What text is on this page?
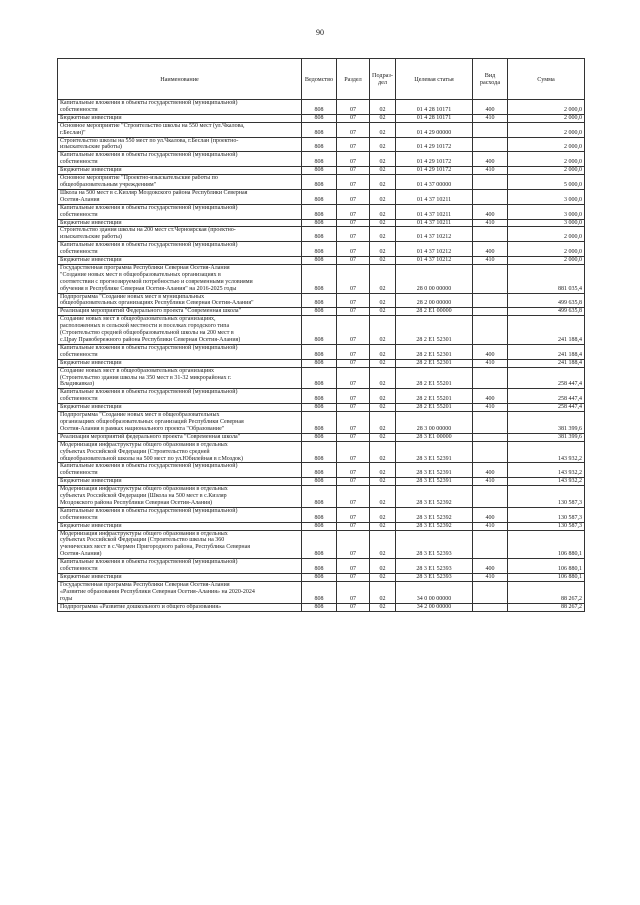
90
Наименование	Ведомство	Раздел	Подраз-
дел	Целевая статья	Вид
расхода	Сумма
Капитальные вложения в объекты государственной (муниципальной)
собственности	808	07	02	01 4 28 10171	400	2 000,0
Бюджетные инвестиции	808	07	02	01 4 28 10171	410	2 000,0
Основное мероприятие "Строительство школы на 550 мест (ул.Чкалова,
г.Беслан)"	808	07	02	01 4 29 00000		2 000,0
Строительство школы на 550 мест по ул.Чкалова, г.Беслан (проектно-
изыскательские работы)	808	07	02	01 4 29 10172		2 000,0
Капитальные вложения в объекты государственной (муниципальной)
собственности	808	07	02	01 4 29 10172	400	2 000,0
Бюджетные инвестиции	808	07	02	01 4 29 10172	410	2 000,0
Основное мероприятие "Проектно-изыскательские работы по
общеобразовательным учреждениям"	808	07	02	01 4 37 00000		5 000,0
Школа на 500 мест в с.Кизляр Моздокского района Республики Северная
Осетия-Алания	808	07	02	01 4 37 10211		3 000,0
Капитальные вложения в объекты государственной (муниципальной)
собственности	808	07	02	01 4 37 10211	400	3 000,0
Бюджетные инвестиции	808	07	02	01 4 37 10211	410	3 000,0
Строительство здания школы на 200 мест ст.Черноярская (проектно-
изыскательские работы)	808	07	02	01 4 37 10212		2 000,0
Капитальные вложения в объекты государственной (муниципальной)
собственности	808	07	02	01 4 37 10212	400	2 000,0
Бюджетные инвестиции	808	07	02	01 4 37 10212	410	2 000,0
Государственная программа Республики Северная Осетия-Алания
"Создание новых мест в общеобразовательных организациях в
соответствии с прогнозируемой потребностью и современными условиями
обучения в Республике Северная Осетия-Алания" на 2016-2025 годы	808	07	02	28 0 00 00000		881 035,4
Подпрограмма "Создание новых мест в муниципальных
общеобразовательных организациях Республики Северная Осетия-Алания"	808	07	02	28 2 00 00000		499 635,8
Реализация мероприятий Федерального проекта "Современная школа"	808	07	02	28 2 Е1 00000		499 635,8
Создание новых мест в общеобразовательных организациях,
расположенных в сельской местности и поселках городского типа
(Строительство средней общеобразовательной школы на 200 мест в
с.Црау Правобережного района Республики Северная Осетия-Алания)	808	07	02	28 2 Е1 52301		241 188,4
Капитальные вложения в объекты государственной (муниципальной)
собственности	808	07	02	28 2 Е1 52301	400	241 188,4
Бюджетные инвестиции	808	07	02	28 2 Е1 52301	410	241 188,4
Создание новых мест в общеобразовательных организациях
(Строительство здания школы на 350 мест в 31-32 микрорайонах г.
Владикавказ)	808	07	02	28 2 Е1 55201		258 447,4
Капитальные вложения в объекты государственной (муниципальной)
собственности	808	07	02	28 2 Е1 55201	400	258 447,4
Бюджетные инвестиции	808	07	02	28 2 Е1 55201	410	258 447,4
Подпрограмма "Создание новых мест в общеобразовательных
организациях общеобразовательных организаций Республики Северная
Осетия-Алания в рамках национального проекта "Образование"	808	07	02	28 3 00 00000		381 399,6
Реализация мероприятий федерального проекта "Современная школа"	808	07	02	28 3 Е1 00000		381 399,6
Модернизация инфраструктуры общего образования в отдельных
субъектах Российской Федерации (Строительство средней
общеобразовательной школы на 500 мест по ул.Юбилейная в г.Моздок)	808	07	02	28 3 Е1 52391		143 932,2
Капитальные вложения в объекты государственной (муниципальной)
собственности	808	07	02	28 3 Е1 52391	400	143 932,2
Бюджетные инвестиции	808	07	02	28 3 Е1 52391	410	143 932,2
Модернизация инфраструктуры общего образования в отдельных
субъектах Российской Федерации (Школа на 500 мест в с.Кизляр
Моздокского района Республики Северная Осетия-Алания)	808	07	02	28 3 Е1 52392		130 587,3
Капитальные вложения в объекты государственной (муниципальной)
собственности	808	07	02	28 3 Е1 52392	400	130 587,3
Бюджетные инвестиции	808	07	02	28 3 Е1 52392	410	130 587,3
Модернизация инфраструктуры общего образования в отдельных
субъектах Российской Федерации (Строительство школы на 360
ученических мест в с.Чермен Пригородного района, Республика Северная
Осетия-Алания)	808	07	02	28 3 Е1 52393		106 880,1
Капитальные вложения в объекты государственной (муниципальной)
собственности	808	07	02	28 3 Е1 52393	400	106 880,1
Бюджетные инвестиции	808	07	02	28 3 Е1 52393	410	106 880,1
Государственная программа Республики Северная Осетия-Алания
«Развитие образования Республики Северная Осетия-Алания» на 2020-2024
годы	808	07	02	34 0 00 00000		88 267,2
Подпрограмма «Развитие дошкольного и общего образования»	808	07	02	34 2 00 00000		88 267,2
